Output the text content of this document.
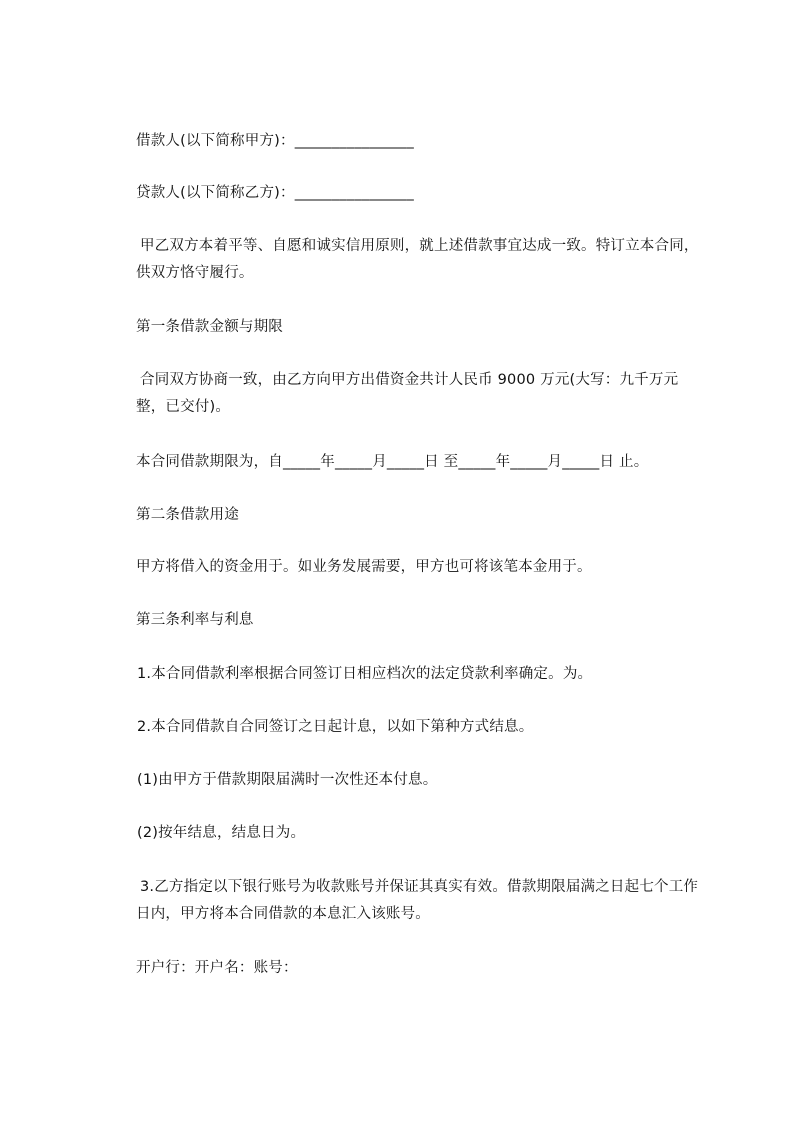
借款人(以下简称甲方)：________________
贷款人(以下简称乙方)：________________
甲乙双方本着平等、自愿和诚实信用原则，就上述借款事宜达成一致。特订立本合同，供双方恪守履行。
第一条借款金额与期限
合同双方协商一致，由乙方向甲方出借资金共计人民币 9000 万元(大写：九千万元整，已交付)。
本合同借款期限为，自_____年_____月_____日 至_____年_____月_____日 止。
第二条借款用途
甲方将借入的资金用于。如业务发展需要，甲方也可将该笔本金用于。
第三条利率与利息
1.本合同借款利率根据合同签订日相应档次的法定贷款利率确定。为。
2.本合同借款自合同签订之日起计息，以如下第种方式结息。
(1)由甲方于借款期限届满时一次性还本付息。
(2)按年结息，结息日为。
3.乙方指定以下银行账号为收款账号并保证其真实有效。借款期限届满之日起七个工作日内，甲方将本合同借款的本息汇入该账号。
开户行：开户名：账号：
